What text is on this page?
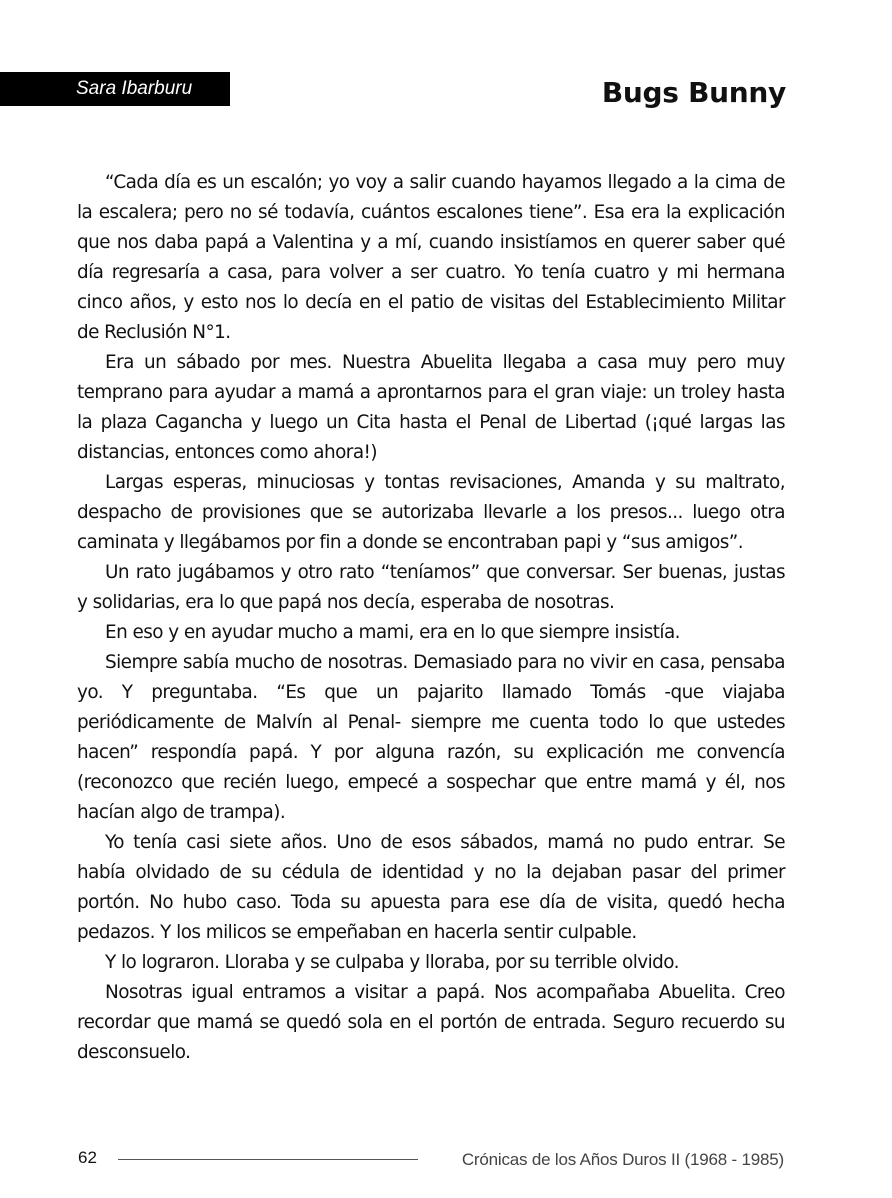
Sara Ibarburu	Bugs Bunny

“Cada día es un escalón; yo voy a salir cuando hayamos llegado a la cima de la escalera; pero no sé todavía, cuántos escalones tiene”. Esa era la explicación que nos daba papá a Valentina y a mí, cuando insistíamos en querer saber qué día regresaría a casa, para volver a ser cuatro. Yo tenía cuatro y mi hermana cinco años, y esto nos lo decía en el patio de visitas del Establecimiento Militar de Reclusión N°1.

Era un sábado por mes. Nuestra Abuelita llegaba a casa muy pero muy temprano para ayudar a mamá a aprontarnos para el gran viaje: un troley hasta la plaza Cagancha y luego un Cita hasta el Penal de Libertad (¡qué largas las distancias, entonces como ahora!)

Largas esperas, minuciosas y tontas revisaciones, Amanda y su maltrato, despacho de provisiones que se autorizaba llevarle a los presos... luego otra caminata y llegábamos por fin a donde se encontraban papi y “sus amigos”.

Un rato jugábamos y otro rato “teníamos” que conversar. Ser buenas, justas y solidarias, era lo que papá nos decía, esperaba de nosotras.

En eso y en ayudar mucho a mami, era en lo que siempre insistía.

Siempre sabía mucho de nosotras. Demasiado para no vivir en casa, pensaba yo. Y preguntaba. “Es que un pajarito llamado Tomás -que viajaba periódicamente de Malvín al Penal- siempre me cuenta todo lo que ustedes hacen” respondía papá. Y por alguna razón, su explicación me convencía (reconozco que recién luego, empecé a sospechar que entre mamá y él, nos hacían algo de trampa).

Yo tenía casi siete años. Uno de esos sábados, mamá no pudo entrar. Se había olvidado de su cédula de identidad y no la dejaban pasar del primer portón. No hubo caso. Toda su apuesta para ese día de visita, quedó hecha pedazos. Y los milicos se empeñaban en hacerla sentir culpable.

Y lo lograron. Lloraba y se culpaba y lloraba, por su terrible olvido.

Nosotras igual entramos a visitar a papá. Nos acompañaba Abuelita. Creo recordar que mamá se quedó sola en el portón de entrada. Seguro recuerdo su desconsuelo.

62	Crónicas de los Años Duros II (1968 - 1985)
